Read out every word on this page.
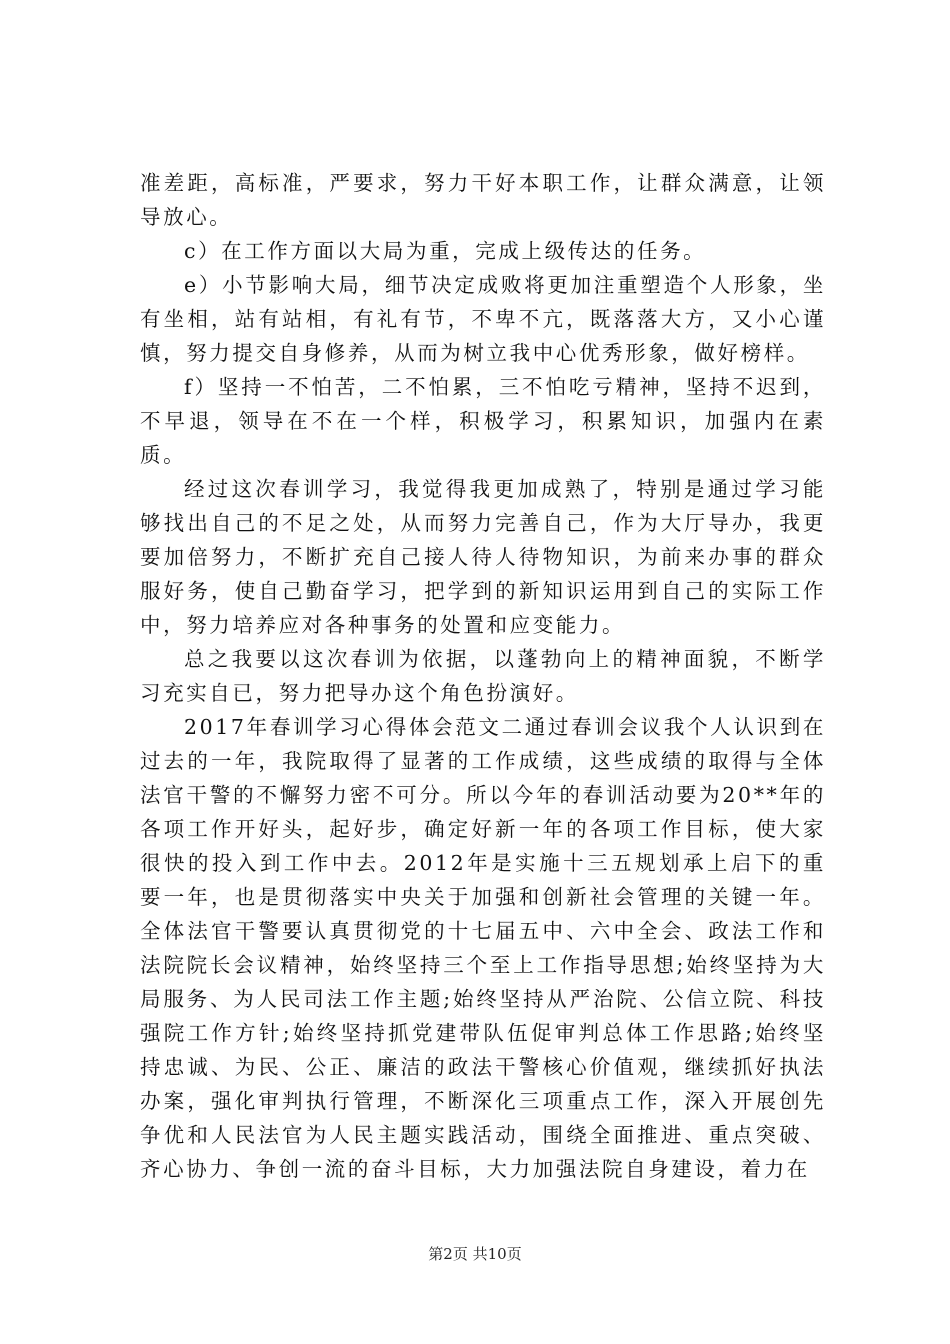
准差距，高标准，严要求，努力干好本职工作，让群众满意，让领导放心。

c）在工作方面以大局为重，完成上级传达的任务。

e）小节影响大局，细节决定成败将更加注重塑造个人形象，坐有坐相，站有站相，有礼有节，不卑不亢，既落落大方，又小心谨慎，努力提交自身修养，从而为树立我中心优秀形象，做好榜样。

f）坚持一不怕苦，二不怕累，三不怕吃亏精神，坚持不迟到，不早退，领导在不在一个样，积极学习，积累知识，加强内在素质。

经过这次春训学习，我觉得我更加成熟了，特别是通过学习能够找出自己的不足之处，从而努力完善自己，作为大厅导办，我更要加倍努力，不断扩充自己接人待人待物知识，为前来办事的群众服好务，使自己勤奋学习，把学到的新知识运用到自己的实际工作中，努力培养应对各种事务的处置和应变能力。

总之我要以这次春训为依据，以蓬勃向上的精神面貌，不断学习充实自已，努力把导办这个角色扮演好。

2017年春训学习心得体会范文二通过春训会议我个人认识到在过去的一年，我院取得了显著的工作成绩，这些成绩的取得与全体法官干警的不懈努力密不可分。所以今年的春训活动要为20**年的各项工作开好头，起好步，确定好新一年的各项工作目标，使大家很快的投入到工作中去。2012年是实施十三五规划承上启下的重要一年，也是贯彻落实中央关于加强和创新社会管理的关键一年。全体法官干警要认真贯彻党的十七届五中、六中全会、政法工作和法院院长会议精神，始终坚持三个至上工作指导思想;始终坚持为大局服务、为人民司法工作主题;始终坚持从严治院、公信立院、科技强院工作方针;始终坚持抓党建带队伍促审判总体工作思路;始终坚持忠诚、为民、公正、廉洁的政法干警核心价值观，继续抓好执法办案，强化审判执行管理，不断深化三项重点工作，深入开展创先争优和人民法官为人民主题实践活动，围绕全面推进、重点突破、齐心协力、争创一流的奋斗目标，大力加强法院自身建设，着力在

第2页 共10页
